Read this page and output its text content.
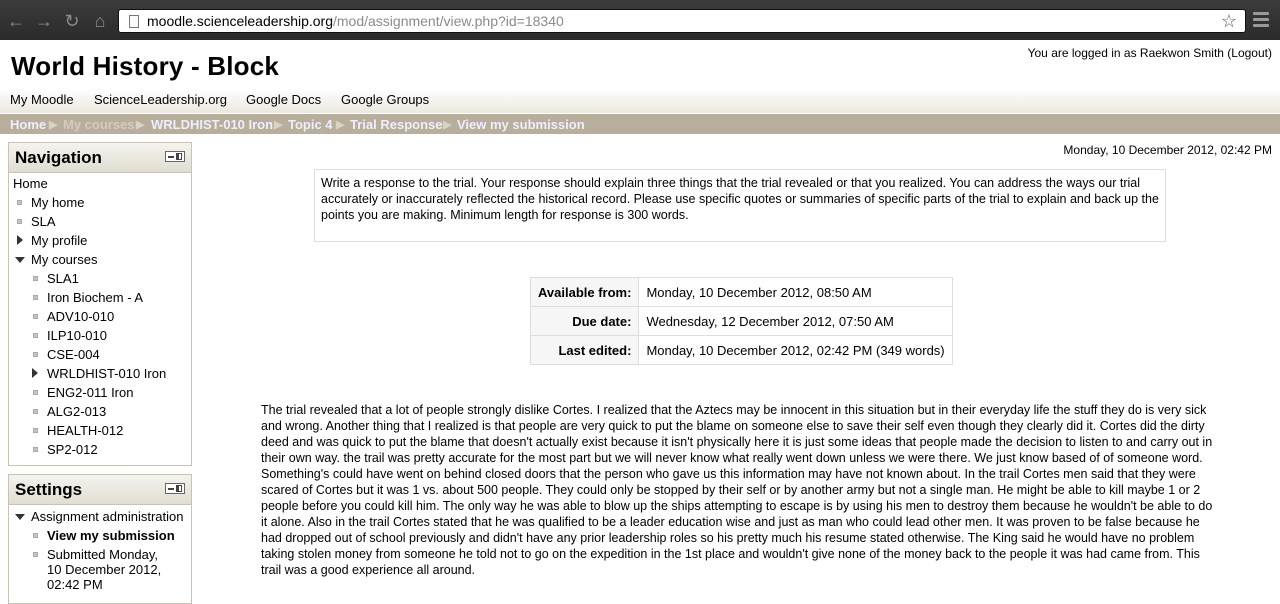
← → ↻ ⌂	moodle.scienceleadership.org/mod/assignment/view.php?id=18340	☆
World History - Block	You are logged in as Raekwon Smith (Logout)
My Moodle ScienceLeadership.org Google Docs Google Groups
Home ▶ My courses ▶ WRLDHIST-010 Iron ▶ Topic 4 ▶ Trial Response ▶ View my submission
Navigation
Home
My home
SLA
My profile
My courses
SLA1
Iron Biochem - A
ADV10-010
ILP10-010
CSE-004
WRLDHIST-010 Iron
ENG2-011 Iron
ALG2-013
HEALTH-012
SP2-012
Settings
Assignment administration
View my submission
Submitted Monday,
10 December 2012,
02:42 PM
Monday, 10 December 2012, 02:42 PM
Write a response to the trial. Your response should explain three things that the trial revealed or that you realized. You can address the ways our trial accurately or inaccurately reflected the historical record. Please use specific quotes or summaries of specific parts of the trial to explain and back up the points you are making. Minimum length for response is 300 words.
Available from:	Monday, 10 December 2012, 08:50 AM
Due date:	Wednesday, 12 December 2012, 07:50 AM
Last edited:	Monday, 10 December 2012, 02:42 PM (349 words)
The trial revealed that a lot of people strongly dislike Cortes. I realized that the Aztecs may be innocent in this situation but in their everyday life the stuff they do is very sick and wrong. Another thing that I realized is that people are very quick to put the blame on someone else to save their self even though they clearly did it. Cortes did the dirty deed and was quick to put the blame that doesn't actually exist because it isn't physically here it is just some ideas that people made the decision to listen to and carry out in their own way. the trail was pretty accurate for the most part but we will never know what really went down unless we were there. We just know based of of someone word. Something's could have went on behind closed doors that the person who gave us this information may have not known about. In the trail Cortes men said that they were scared of Cortes but it was 1 vs. about 500 people. They could only be stopped by their self or by another army but not a single man. He might be able to kill maybe 1 or 2 people before you could kill him. The only way he was able to blow up the ships attempting to escape is by using his men to destroy them because he wouldn't be able to do it alone. Also in the trail Cortes stated that he was qualified to be a leader education wise and just as man who could lead other men. It was proven to be false because he had dropped out of school previously and didn't have any prior leadership roles so his pretty much his resume stated otherwise. The King said he would have no problem taking stolen money from someone he told not to go on the expedition in the 1st place and wouldn't give none of the money back to the people it was had came from. This trail was a good experience all around.
